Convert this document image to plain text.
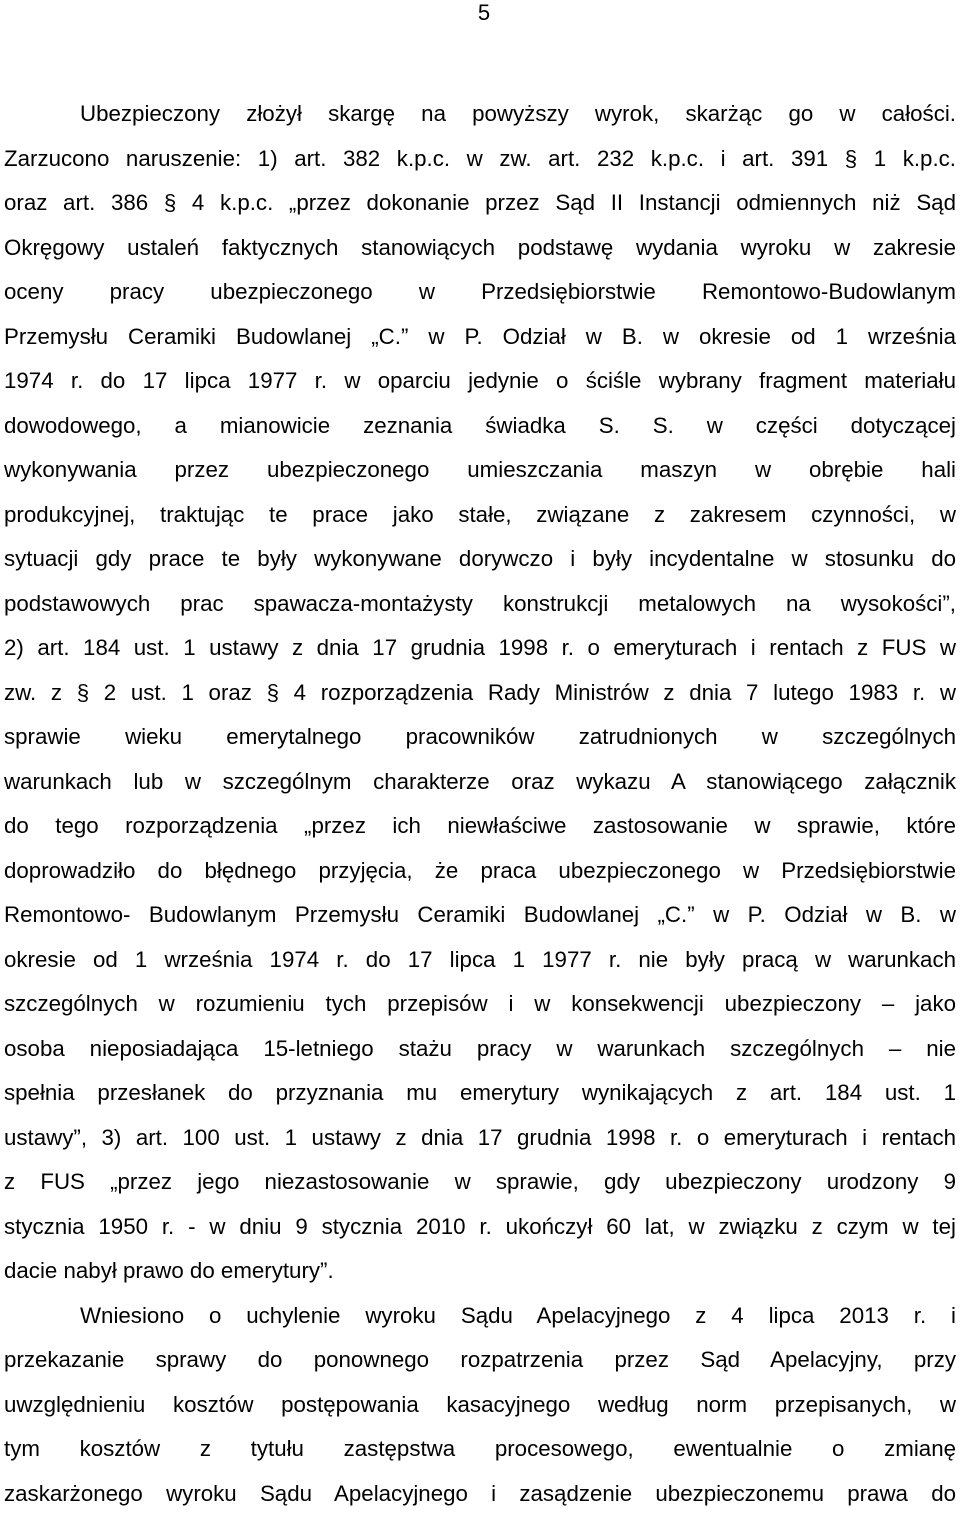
5
Ubezpieczony złożył skargę na powyższy wyrok, skarżąc go w całości.
Zarzucono naruszenie: 1) art. 382 k.p.c. w zw. art. 232 k.p.c. i art. 391 § 1 k.p.c.
oraz art. 386 § 4 k.p.c. „przez dokonanie przez Sąd II Instancji odmiennych niż Sąd
Okręgowy ustaleń faktycznych stanowiących podstawę wydania wyroku w zakresie
oceny pracy ubezpieczonego w Przedsiębiorstwie Remontowo-Budowlanym
Przemysłu Ceramiki Budowlanej „C.” w P. Odział w B. w okresie od 1 września
1974 r. do 17 lipca 1977 r. w oparciu jedynie o ściśle wybrany fragment materiału
dowodowego, a mianowicie zeznania świadka S. S. w części dotyczącej
wykonywania przez ubezpieczonego umieszczania maszyn w obrębie hali
produkcyjnej, traktując te prace jako stałe, związane z zakresem czynności, w
sytuacji gdy prace te były wykonywane dorywczo i były incydentalne w stosunku do
podstawowych prac spawacza-montażysty konstrukcji metalowych na wysokości”,
2) art. 184 ust. 1 ustawy z dnia 17 grudnia 1998 r. o emeryturach i rentach z FUS w
zw. z § 2 ust. 1 oraz § 4 rozporządzenia Rady Ministrów z dnia 7 lutego 1983 r. w
sprawie wieku emerytalnego pracowników zatrudnionych w szczególnych
warunkach lub w szczególnym charakterze oraz wykazu A stanowiącego załącznik
do tego rozporządzenia „przez ich niewłaściwe zastosowanie w sprawie, które
doprowadziło do błędnego przyjęcia, że praca ubezpieczonego w Przedsiębiorstwie
Remontowo- Budowlanym Przemysłu Ceramiki Budowlanej „C.” w P. Odział w B. w
okresie od 1 września 1974 r. do 17 lipca 1 1977 r. nie były pracą w warunkach
szczególnych w rozumieniu tych przepisów i w konsekwencji ubezpieczony – jako
osoba nieposiadająca 15-letniego stażu pracy w warunkach szczególnych – nie
spełnia przesłanek do przyznania mu emerytury wynikających z art. 184 ust. 1
ustawy”, 3) art. 100 ust. 1 ustawy z dnia 17 grudnia 1998 r. o emeryturach i rentach
z FUS „przez jego niezastosowanie w sprawie, gdy ubezpieczony urodzony 9
stycznia 1950 r. - w dniu 9 stycznia 2010 r. ukończył 60 lat, w związku z czym w tej
dacie nabył prawo do emerytury”.
Wniesiono o uchylenie wyroku Sądu Apelacyjnego z 4 lipca 2013 r. i
przekazanie sprawy do ponownego rozpatrzenia przez Sąd Apelacyjny, przy
uwzględnieniu kosztów postępowania kasacyjnego według norm przepisanych, w
tym kosztów z tytułu zastępstwa procesowego, ewentualnie o zmianę
zaskarżonego wyroku Sądu Apelacyjnego i zasądzenie ubezpieczonemu prawa do
